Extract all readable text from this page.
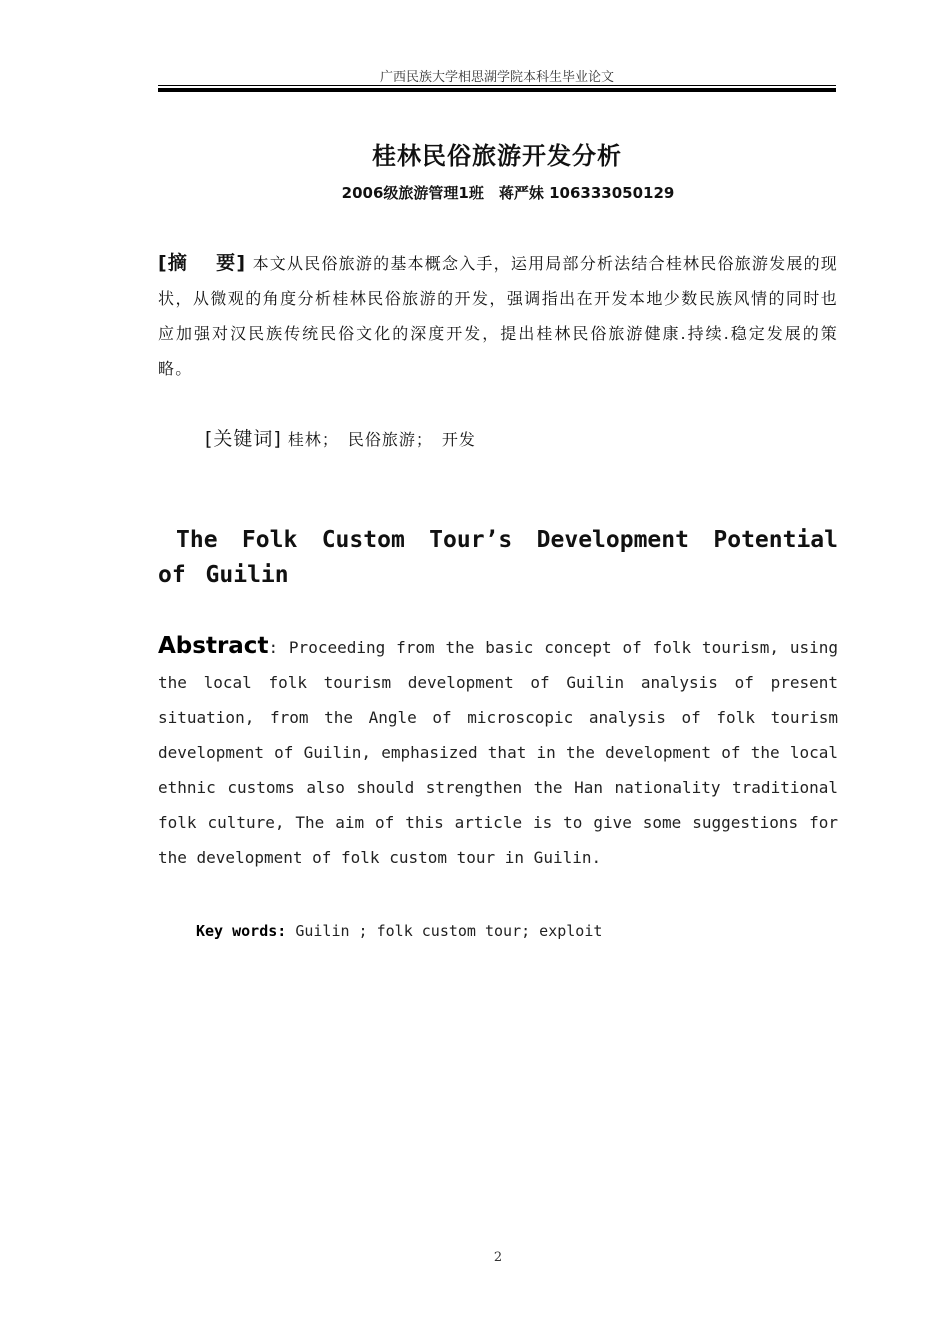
广西民族大学相思湖学院本科生毕业论文
桂林民俗旅游开发分析
2006级旅游管理1班　蒋严妹 106333050129
[摘　 要] 本文从民俗旅游的基本概念入手，运用局部分析法结合桂林民俗旅游发展的现状，从微观的角度分析桂林民俗旅游的开发，强调指出在开发本地少数民族风情的同时也应加强对汉民族传统民俗文化的深度开发，提出桂林民俗旅游健康.持续.稳定发展的策略。
[关键词] 桂林；　民俗旅游；　开发
The Folk Custom Tour’s Development Potential of Guilin
Abstract: Proceeding from the basic concept of folk tourism, using the local folk tourism development of Guilin analysis of present situation, from the Angle of microscopic analysis of folk tourism development of Guilin, emphasized that in the development of the local ethnic customs also should strengthen the Han nationality traditional folk culture, The aim of this article is to give some suggestions for the development of folk custom tour in Guilin.
Key words: Guilin ; folk custom tour; exploit
2
